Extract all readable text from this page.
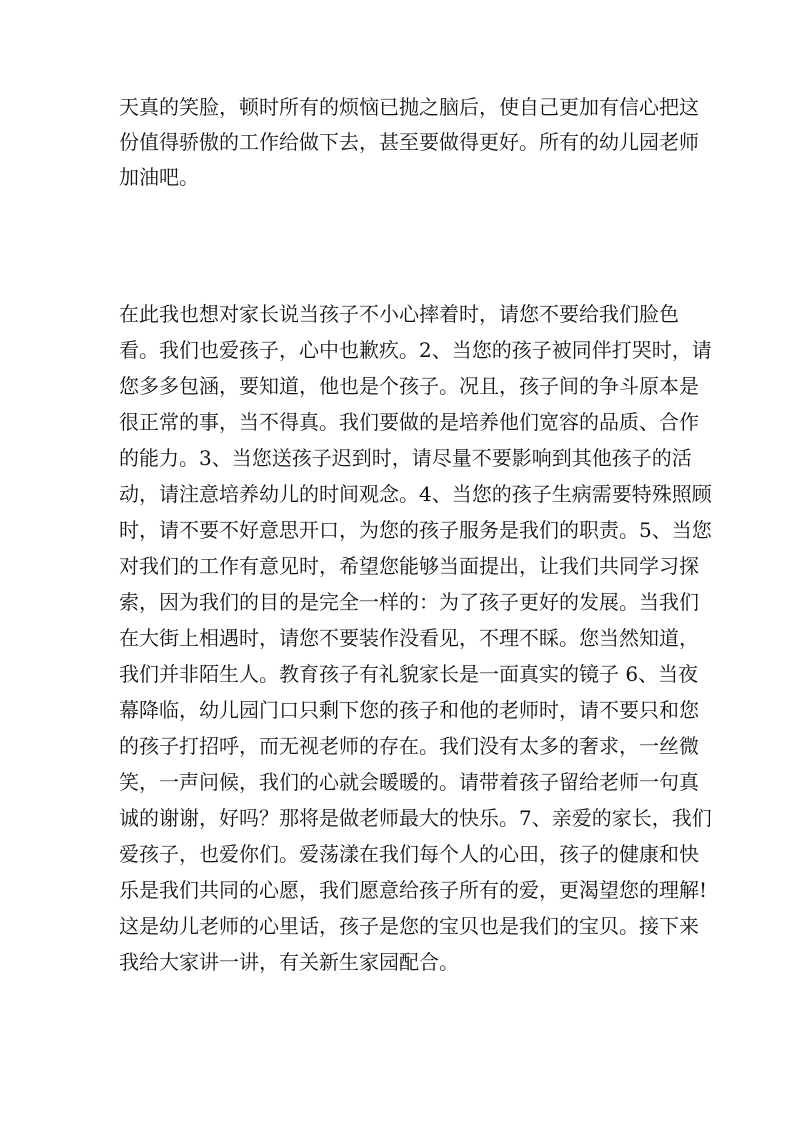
天真的笑脸，顿时所有的烦恼已抛之脑后，使自己更加有信心把这
份值得骄傲的工作给做下去，甚至要做得更好。所有的幼儿园老师
加油吧。
在此我也想对家长说当孩子不小心摔着时，请您不要给我们脸色
看。我们也爱孩子，心中也歉疚。2、当您的孩子被同伴打哭时，请
您多多包涵，要知道，他也是个孩子。况且，孩子间的争斗原本是
很正常的事，当不得真。我们要做的是培养他们宽容的品质、合作
的能力。3、当您送孩子迟到时，请尽量不要影响到其他孩子的活
动，请注意培养幼儿的时间观念。4、当您的孩子生病需要特殊照顾
时，请不要不好意思开口，为您的孩子服务是我们的职责。5、当您
对我们的工作有意见时，希望您能够当面提出，让我们共同学习探
索，因为我们的目的是完全一样的：为了孩子更好的发展。当我们
在大街上相遇时，请您不要装作没看见，不理不睬。您当然知道，
我们并非陌生人。教育孩子有礼貌家长是一面真实的镜子 6、当夜
幕降临，幼儿园门口只剩下您的孩子和他的老师时，请不要只和您
的孩子打招呼，而无视老师的存在。我们没有太多的奢求，一丝微
笑，一声问候，我们的心就会暖暖的。请带着孩子留给老师一句真
诚的谢谢，好吗？那将是做老师最大的快乐。7、亲爱的家长，我们
爱孩子，也爱你们。爱荡漾在我们每个人的心田，孩子的健康和快
乐是我们共同的心愿，我们愿意给孩子所有的爱，更渴望您的理解!
这是幼儿老师的心里话，孩子是您的宝贝也是我们的宝贝。接下来
我给大家讲一讲，有关新生家园配合。
